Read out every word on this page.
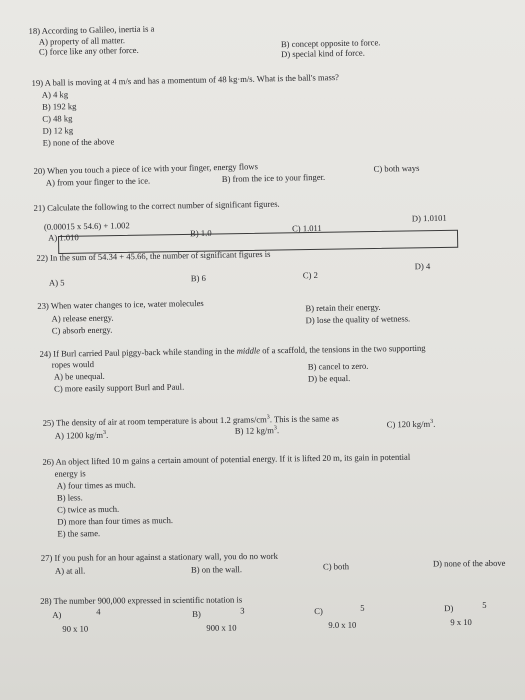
18) According to Galileo, inertia is a
A) property of all matter.	B) concept opposite to force.
C) force like any other force.	D) special kind of force.
19) A ball is moving at 4 m/s and has a momentum of 48 kg·m/s. What is the ball's mass?
A) 4 kg
B) 192 kg
C) 48 kg
D) 12 kg
E) none of the above
20) When you touch a piece of ice with your finger, energy flows
A) from your finger to the ice.	B) from the ice to your finger.
C) both ways
21) Calculate the following to the correct number of significant figures.
(0.00015 x 54.6) + 1.002
A) 1.010	B) 1.0	C) 1.011
D) 1.0101
22) In the sum of 54.34 + 45.66, the number of significant figures is
A) 5	B) 6	C) 2
D) 4
23) When water changes to ice, water molecules
A) release energy.
B) retain their energy.
C) absorb energy.
D) lose the quality of wetness.
24) If Burl carried Paul piggy-back while standing in the middle of a scaffold, the tensions in the two supporting
ropes would
A) be unequal.
B) cancel to zero.
C) more easily support Burl and Paul.
D) be equal.
25) The density of air at room temperature is about 1.2 grams/$cm^3$. This is the same as
A) 1200 $kg/m^3$.	B) 12 $kg/m^3$.
C) 120 $kg/m^3$.
26) An object lifted 10 m gains a certain amount of potential energy. If it is lifted 20 m, its gain in potential
energy is
A) four times as much.
B) less.
C) twice as much.
D) more than four times as much.
E) the same.
27) If you push for an hour against a stationary wall, you do no work
A) at all.	B) on the wall.	C) both	D) none of the above
28) The number 900,000 expressed in scientific notation is
A)	4
90 x 10
B)	3
900 x 10
C)	5
9.0 x 10
D)	5
9 x 10
